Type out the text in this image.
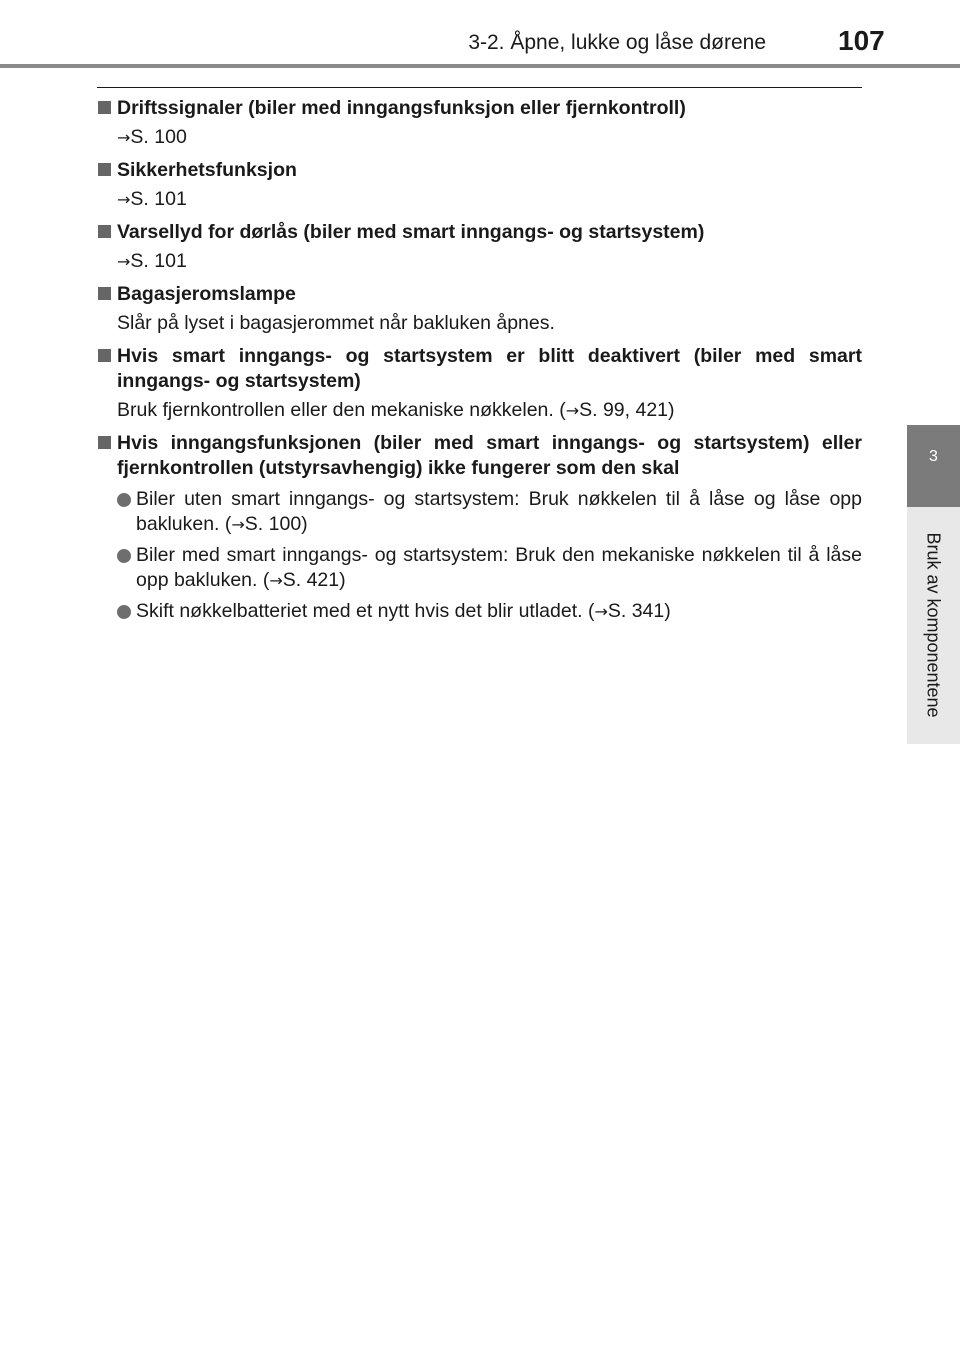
3-2. Åpne, lukke og låse dørene	107
3
Bruk av komponentene
Driftssignaler (biler med inngangsfunksjon eller fjernkontroll)
→S. 100
Sikkerhetsfunksjon
→S. 101
Varsellyd for dørlås (biler med smart inngangs- og startsystem)
→S. 101
Bagasjeromslampe
Slår på lyset i bagasjerommet når bakluken åpnes.
Hvis smart inngangs- og startsystem er blitt deaktivert (biler med smart inngangs- og startsystem)
Bruk fjernkontrollen eller den mekaniske nøkkelen. (→S. 99, 421)
Hvis inngangsfunksjonen (biler med smart inngangs- og startsystem) eller fjernkontrollen (utstyrsavhengig) ikke fungerer som den skal
Biler uten smart inngangs- og startsystem: Bruk nøkkelen til å låse og låse opp bakluken. (→S. 100)
Biler med smart inngangs- og startsystem: Bruk den mekaniske nøkkelen til å låse opp bakluken. (→S. 421)
Skift nøkkelbatteriet med et nytt hvis det blir utladet. (→S. 341)
